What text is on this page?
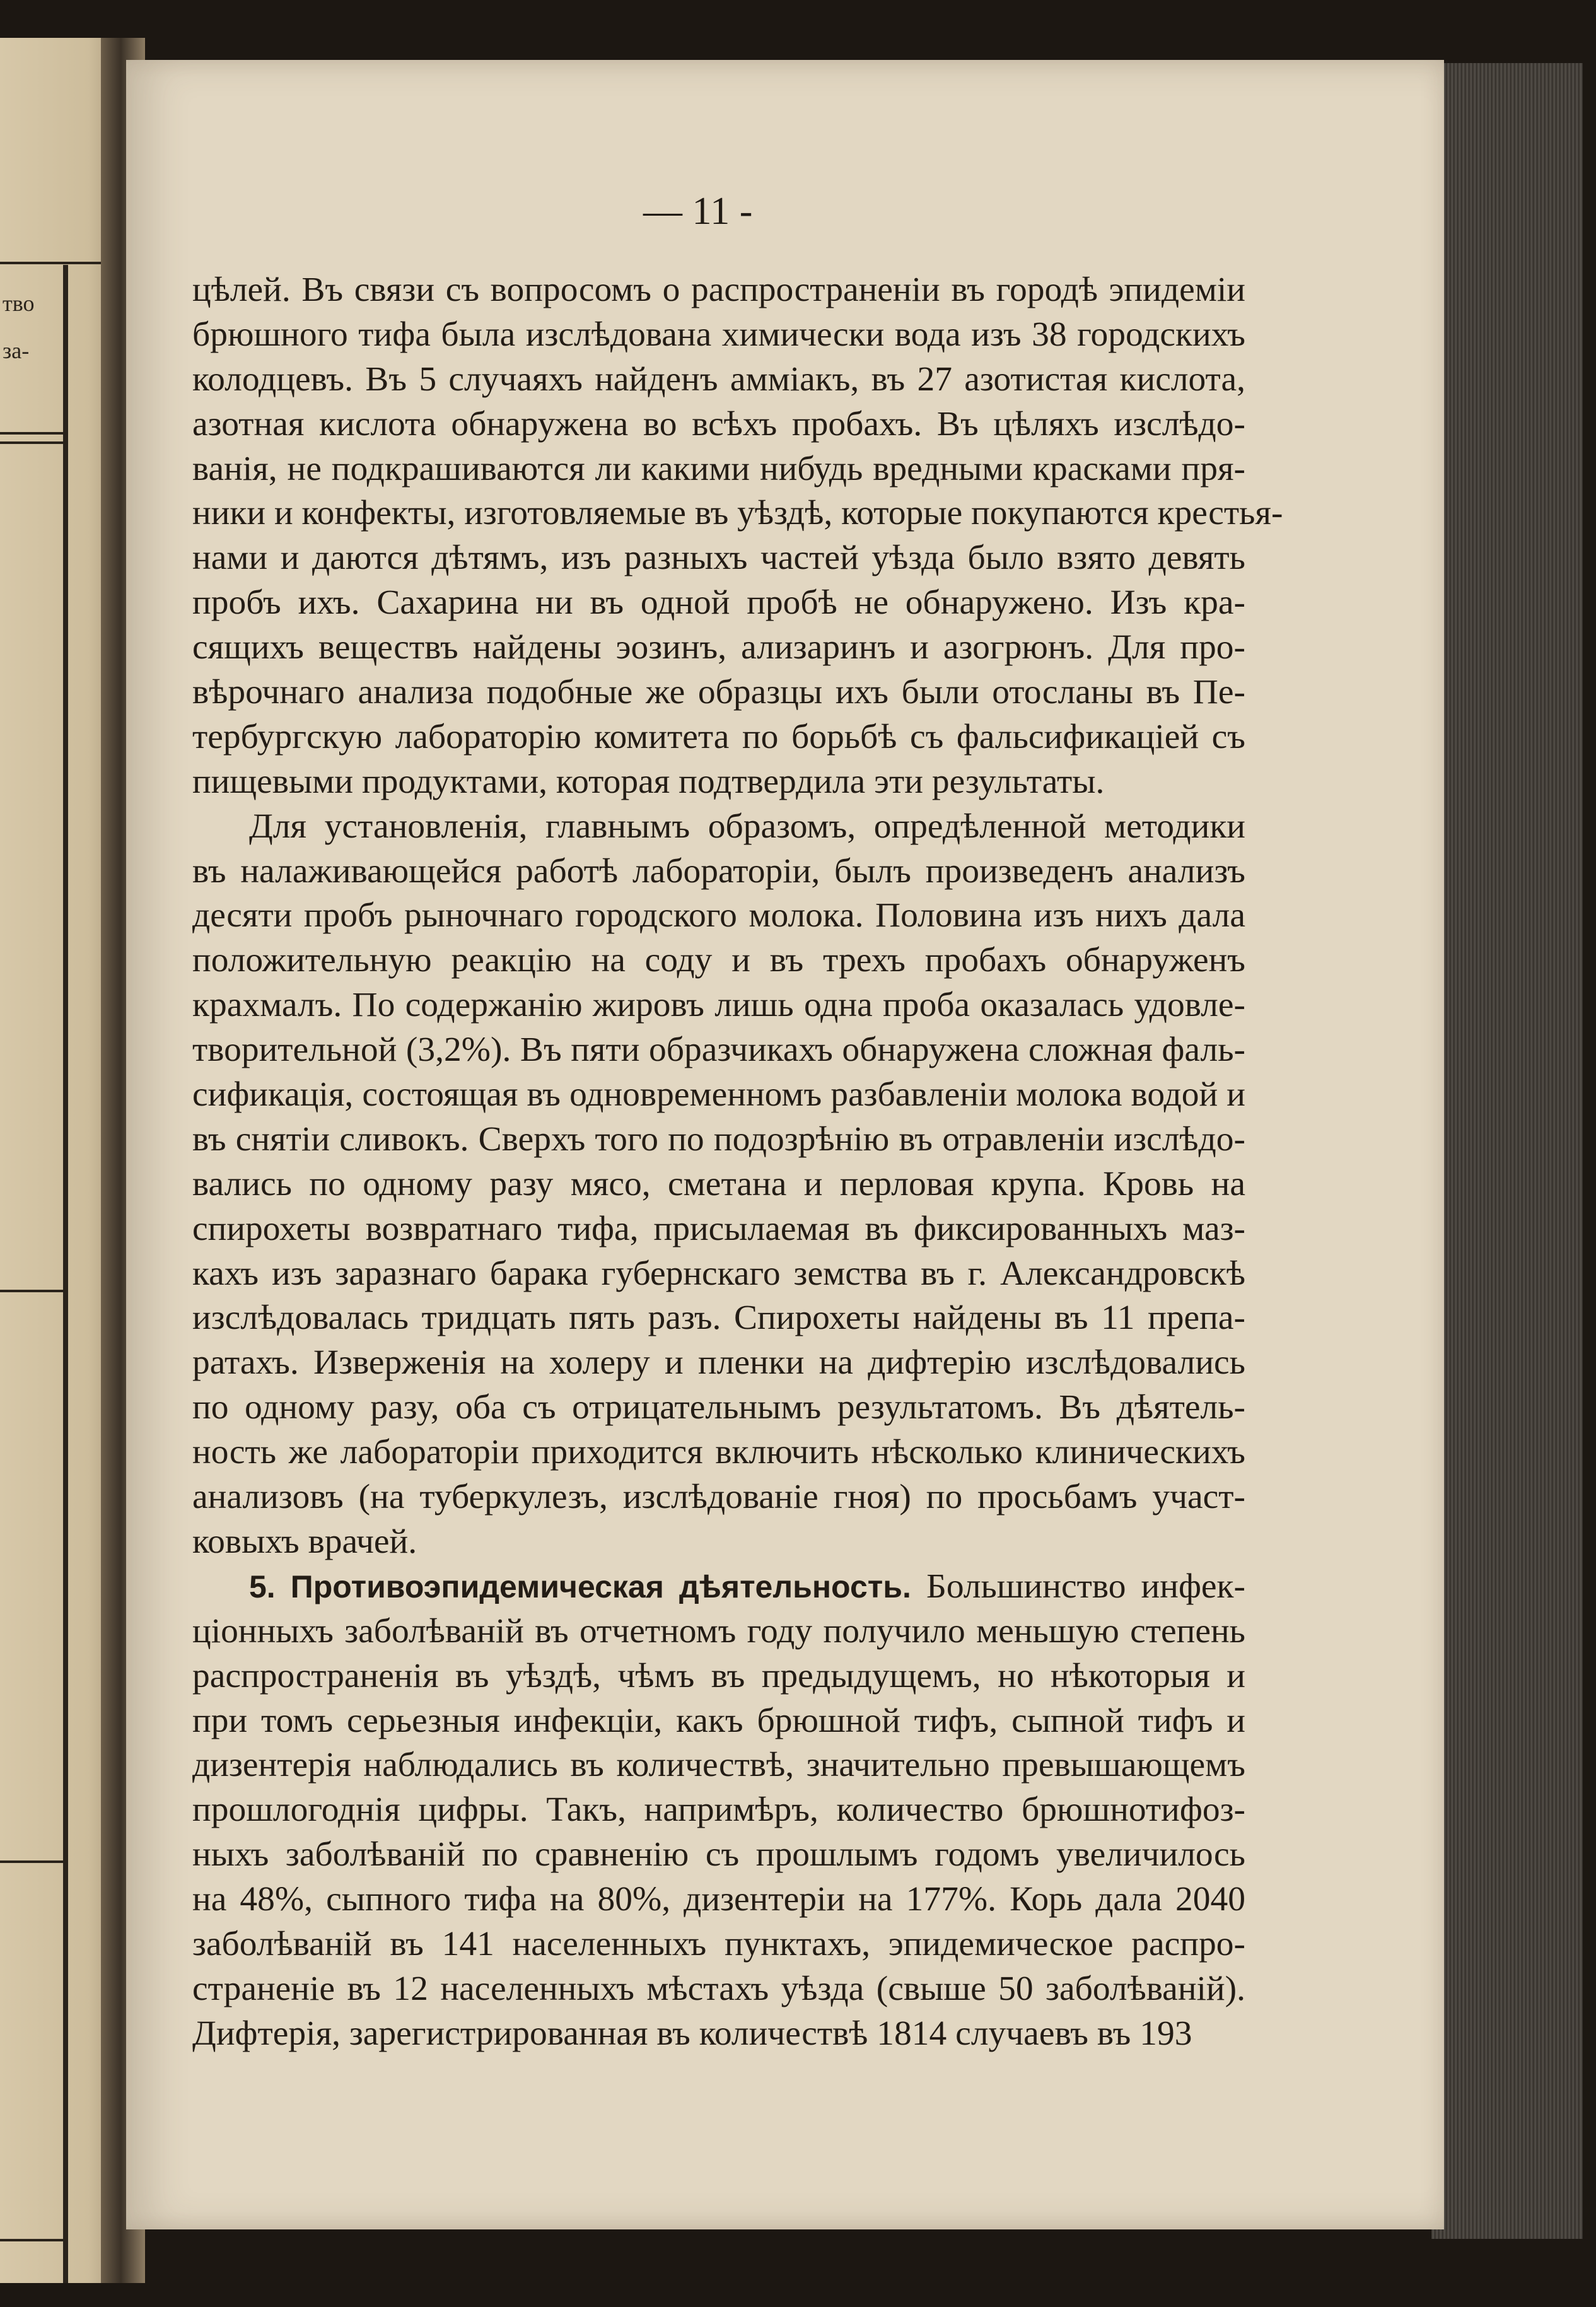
тво
за-
— 11 -
цѣлей. Въ связи съ вопросомъ о распространенiи въ городѣ эпидемiи
брюшного тифа была изслѣдована химически вода изъ 38 городскихъ
колодцевъ. Въ 5 случаяхъ найденъ амміакъ, въ 27 азотистая кислота,
азотная кислота обнаружена во всѣхъ пробахъ. Въ цѣляхъ изслѣдо-
ванія, не подкрашиваются ли какими нибудь вредными красками пря-
ники и конфекты, изготовляемые въ уѣздѣ, которые покупаются крестья-
нами и даются дѣтямъ, изъ разныхъ частей уѣзда было взято девять
пробъ ихъ. Сахарина ни въ одной пробѣ не обнаружено. Изъ кра-
сящихъ веществъ найдены эозинъ, ализаринъ и азогрюнъ. Для про-
вѣрочнаго анализа подобные же образцы ихъ были отосланы въ Пе-
тербургскую лабораторію комитета по борьбѣ съ фальсификаціей съ
пищевыми продуктами, которая подтвердила эти результаты.
Для установленія, главнымъ образомъ, опредѣленной методики
въ налаживающейся работѣ лабораторіи, былъ произведенъ анализъ
десяти пробъ рыночнаго городского молока. Половина изъ нихъ дала
положительную реакцію на соду и въ трехъ пробахъ обнаруженъ
крахмалъ. По содержанію жировъ лишь одна проба оказалась удовле-
творительной (3,2%). Въ пяти образчикахъ обнаружена сложная фаль-
сификація, состоящая въ одновременномъ разбавленіи молока водой и
въ снятіи сливокъ. Сверхъ того по подозрѣнію въ отравленіи изслѣдо-
вались по одному разу мясо, сметана и перловая крупа. Кровь на
спирохеты возвратнаго тифа, присылаемая въ фиксированныхъ маз-
кахъ изъ заразнаго барака губернскаго земства въ г. Александровскѣ
изслѣдовалась тридцать пять разъ. Спирохеты найдены въ 11 препа-
ратахъ. Изверженія на холеру и пленки на дифтерію изслѣдовались
по одному разу, оба съ отрицательнымъ результатомъ. Въ дѣятель-
ность же лабораторіи приходится включить нѣсколько клиническихъ
анализовъ (на туберкулезъ, изслѣдованіе гноя) по просьбамъ участ-
ковыхъ врачей.
5. Противоэпидемическая дѣятельность. Большинство инфек-
ціонныхъ заболѣваній въ отчетномъ году получило меньшую степень
распространенія въ уѣздѣ, чѣмъ въ предыдущемъ, но нѣкоторыя и
при томъ серьезныя инфекціи, какъ брюшной тифъ, сыпной тифъ и
дизентерія наблюдались въ количествѣ, значительно превышающемъ
прошлогоднія цифры. Такъ, напримѣръ, количество брюшнотифоз-
ныхъ заболѣваній по сравненію съ прошлымъ годомъ увеличилось
на 48%, сыпного тифа на 80%, дизентеріи на 177%. Корь дала 2040
заболѣваній въ 141 населенныхъ пунктахъ, эпидемическое распро-
страненіе въ 12 населенныхъ мѣстахъ уѣзда (свыше 50 заболѣваній).
Дифтерія, зарегистрированная въ количествѣ 1814 случаевъ въ 193
